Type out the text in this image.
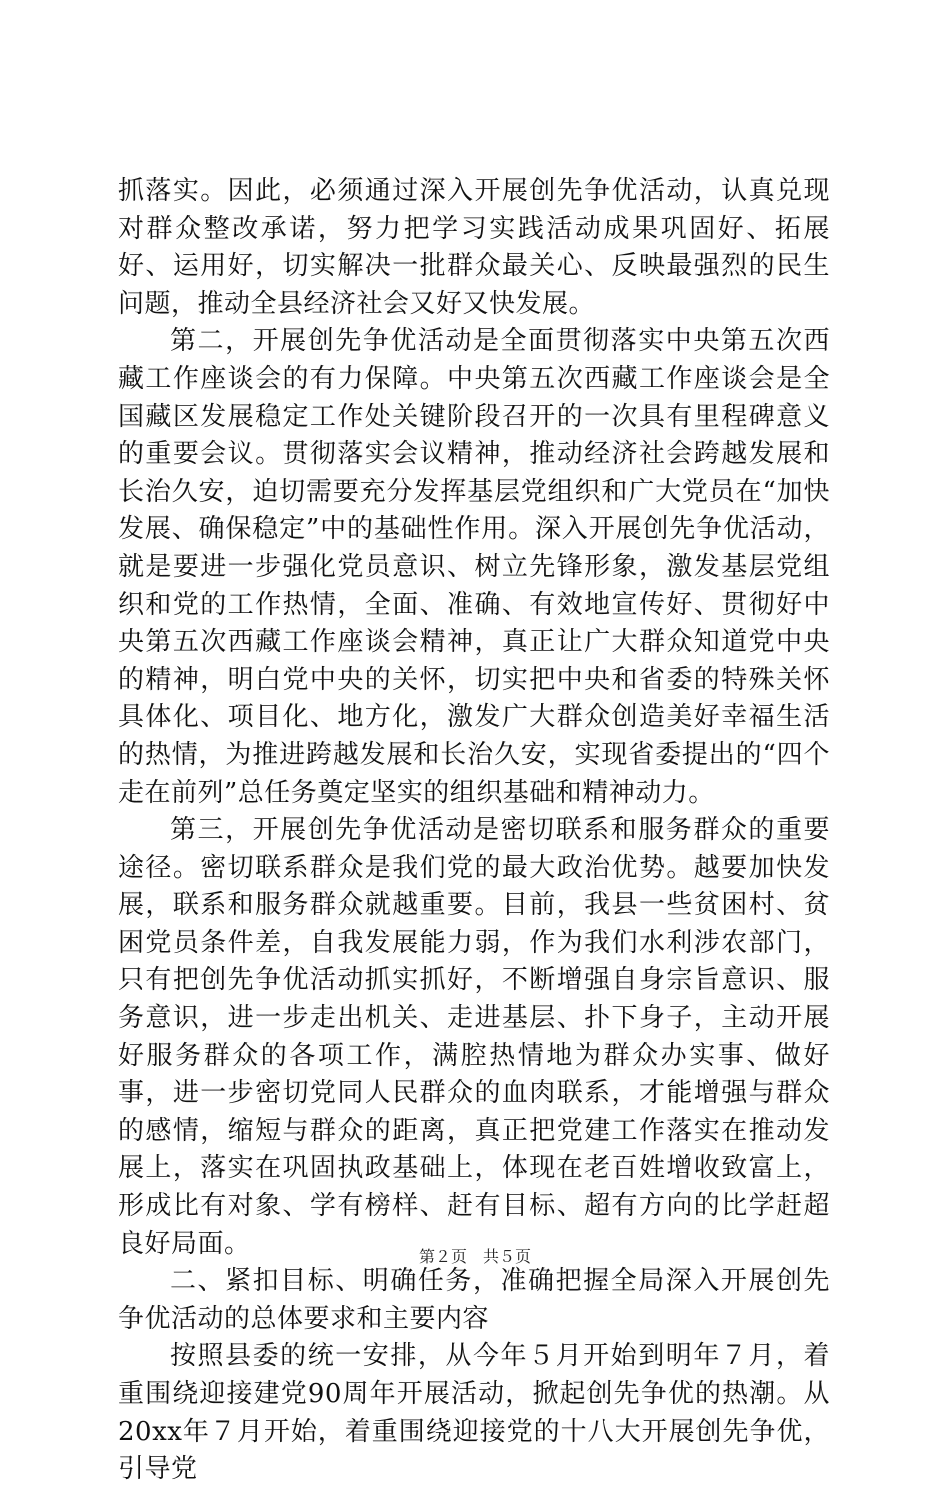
抓落实。因此，必须通过深入开展创先争优活动，认真兑现对群众整改承诺，努力把学习实践活动成果巩固好、拓展好、运用好，切实解决一批群众最关心、反映最强烈的民生问题，推动全县经济社会又好又快发展。

第二，开展创先争优活动是全面贯彻落实中央第五次西藏工作座谈会的有力保障。中央第五次西藏工作座谈会是全国藏区发展稳定工作处关键阶段召开的一次具有里程碑意义的重要会议。贯彻落实会议精神，推动经济社会跨越发展和长治久安，迫切需要充分发挥基层党组织和广大党员在“加快发展、确保稳定”中的基础性作用。深入开展创先争优活动，就是要进一步强化党员意识、树立先锋形象，激发基层党组织和党的工作热情，全面、准确、有效地宣传好、贯彻好中央第五次西藏工作座谈会精神，真正让广大群众知道党中央的精神，明白党中央的关怀，切实把中央和省委的特殊关怀具体化、项目化、地方化，激发广大群众创造美好幸福生活的热情，为推进跨越发展和长治久安，实现省委提出的“四个走在前列”总任务奠定坚实的组织基础和精神动力。

第三，开展创先争优活动是密切联系和服务群众的重要途径。密切联系群众是我们党的最大政治优势。越要加快发展，联系和服务群众就越重要。目前，我县一些贫困村、贫困党员条件差，自我发展能力弱，作为我们水利涉农部门，只有把创先争优活动抓实抓好，不断增强自身宗旨意识、服务意识，进一步走出机关、走进基层、扑下身子，主动开展好服务群众的各项工作，满腔热情地为群众办实事、做好事，进一步密切党同人民群众的血肉联系，才能增强与群众的感情，缩短与群众的距离，真正把党建工作落实在推动发展上，落实在巩固执政基础上，体现在老百姓增收致富上，形成比有对象、学有榜样、赶有目标、超有方向的比学赶超良好局面。

二、紧扣目标、明确任务，准确把握全局深入开展创先争优活动的总体要求和主要内容

按照县委的统一安排，从今年５月开始到明年７月，着重围绕迎接建党90周年开展活动，掀起创先争优的热潮。从20xx年７月开始，着重围绕迎接党的十八大开展创先争优，引导党

第２页　共５页
